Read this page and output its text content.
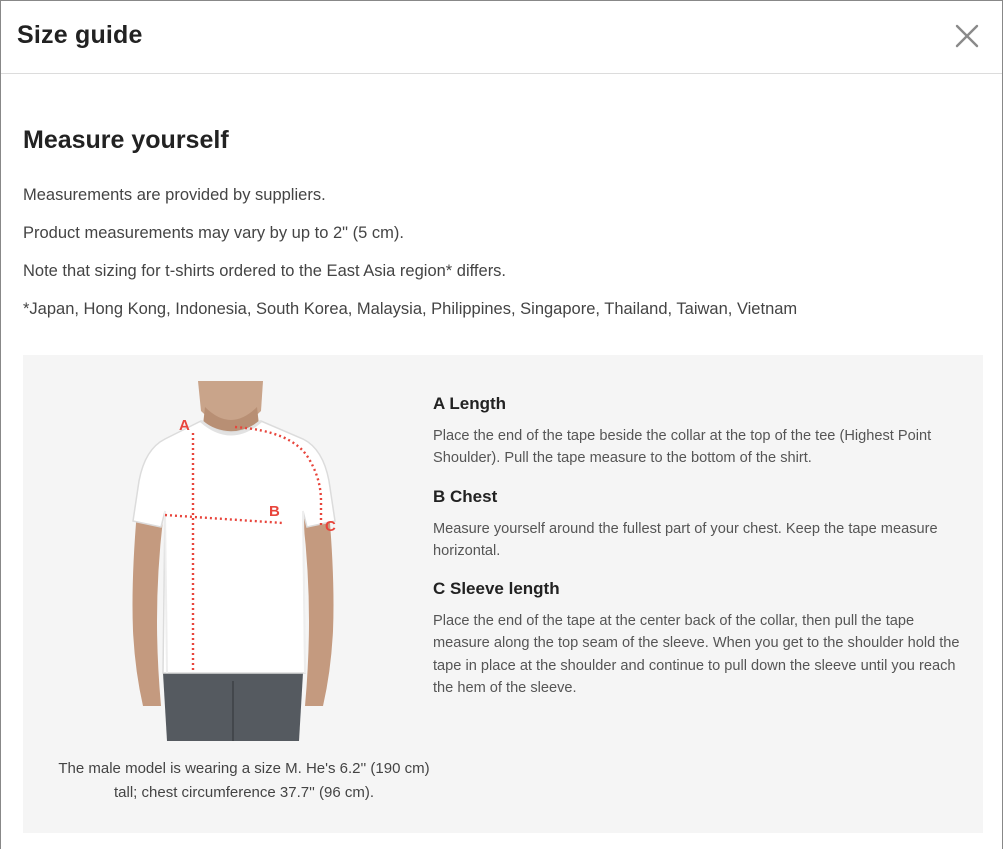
Size guide
Measure yourself

Measurements are provided by suppliers.

Product measurements may vary by up to 2" (5 cm).

Note that sizing for t-shirts ordered to the East Asia region* differs.

*Japan, Hong Kong, Indonesia, South Korea, Malaysia, Philippines, Singapore, Thailand, Taiwan, Vietnam

A
B
C
The male model is wearing a size M. He's 6.2'' (190 cm) tall; chest circumference 37.7'' (96 cm).
A Length

Place the end of the tape beside the collar at the top of the tee (Highest Point Shoulder). Pull the tape measure to the bottom of the shirt.

B Chest

Measure yourself around the fullest part of your chest. Keep the tape measure horizontal.

C Sleeve length

Place the end of the tape at the center back of the collar, then pull the tape measure along the top seam of the sleeve. When you get to the shoulder hold the tape in place at the shoulder and continue to pull down the sleeve until you reach the hem of the sleeve.
